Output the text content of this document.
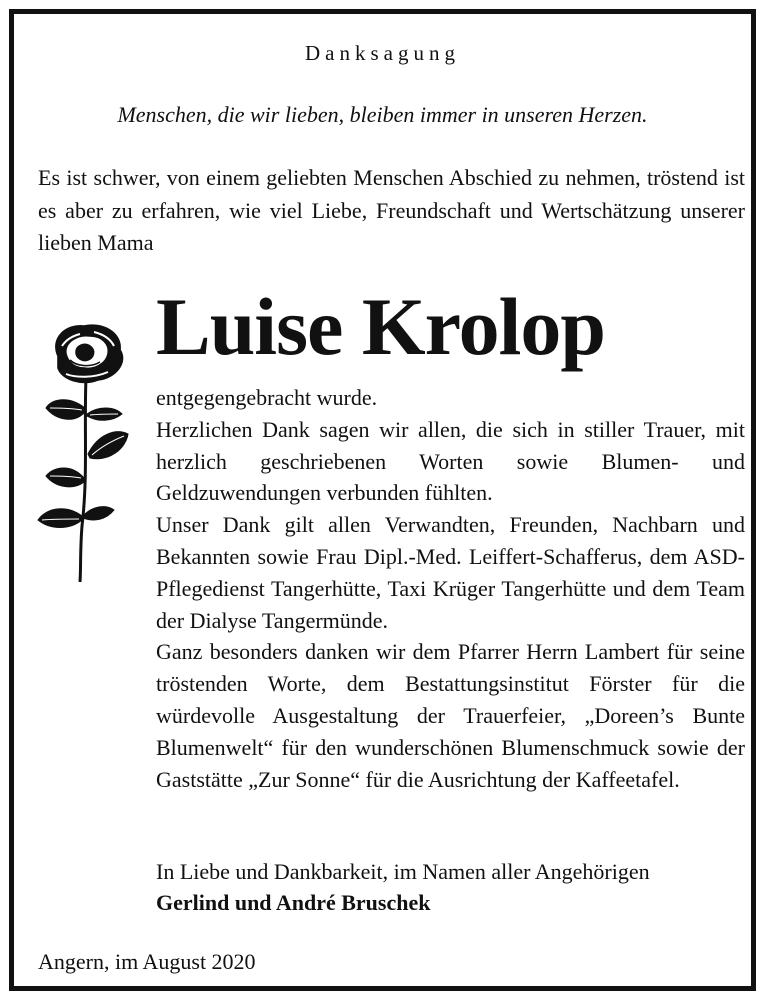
Danksagung
Menschen, die wir lieben, bleiben immer in unseren Herzen.
Es ist schwer, von einem geliebten Menschen Abschied zu nehmen, tröstend ist es aber zu erfahren, wie viel Liebe, Freundschaft und Wertschätzung unserer lieben Mama
Luise Krolop

entgegengebracht wurde.

Herzlichen Dank sagen wir allen, die sich in stiller Trauer, mit herzlich geschriebenen Worten sowie Blumen- und Geldzuwendungen verbunden fühlten.

Unser Dank gilt allen Verwandten, Freunden, Nachbarn und Bekannten sowie Frau Dipl.-Med. Leiffert-Schafferus, dem ASD-Pflegedienst Tangerhütte, Taxi Krüger Tangerhütte und dem Team der Dialyse Tangermünde.

Ganz besonders danken wir dem Pfarrer Herrn Lambert für seine tröstenden Worte, dem Bestattungsinstitut Förster für die würdevolle Ausgestaltung der Trauerfeier, „Doreen’s Bunte Blumenwelt“ für den wunderschönen Blumenschmuck sowie der Gaststätte „Zur Sonne“ für die Ausrichtung der Kaffeetafel.

In Liebe und Dankbarkeit, im Namen aller Angehörigen
Gerlind und André Bruschek
Angern, im August 2020
